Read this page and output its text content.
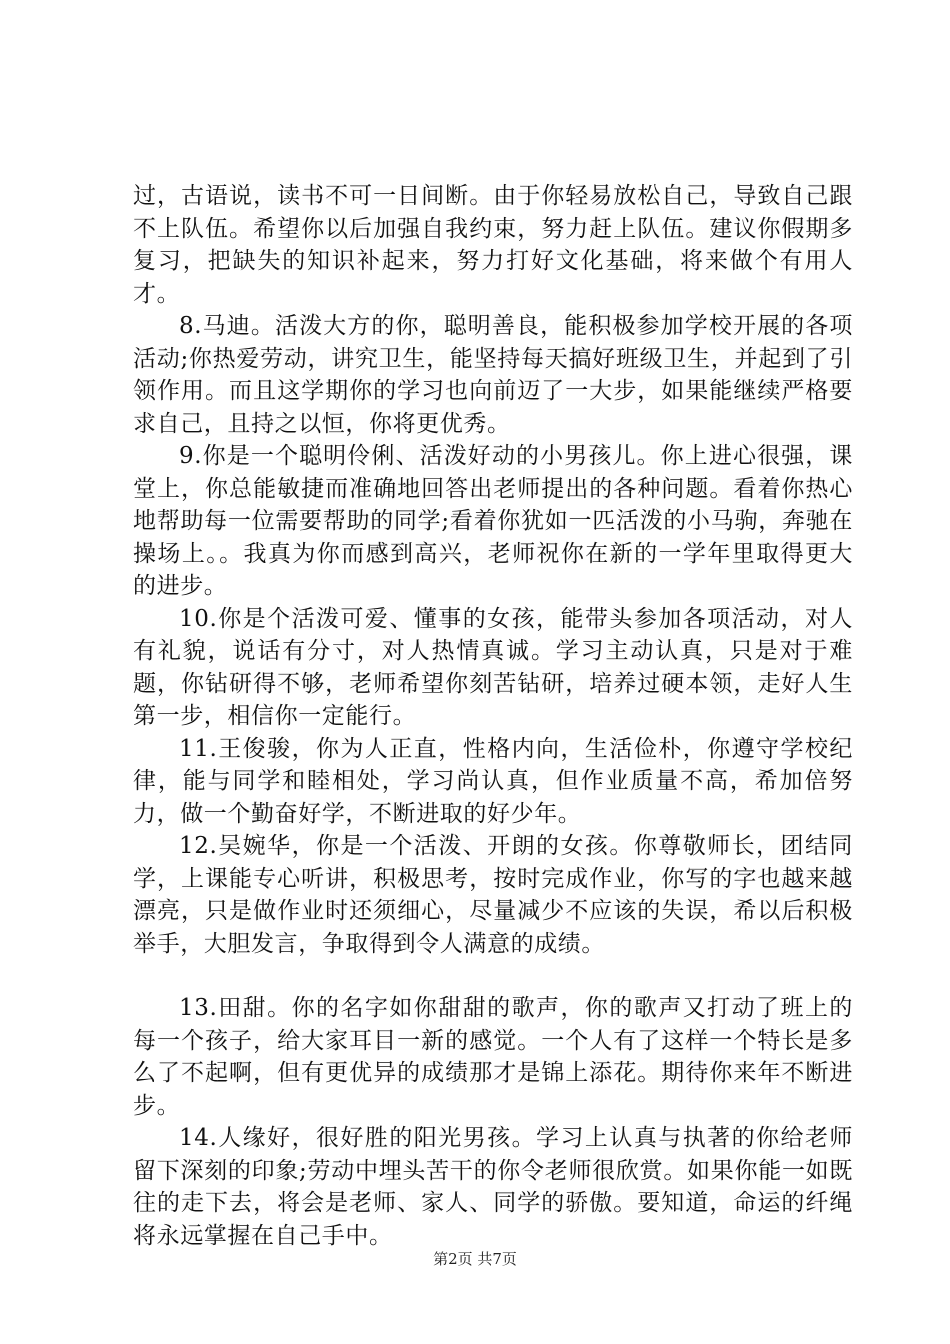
过，古语说，读书不可一日间断。由于你轻易放松自己，导致自己跟不上队伍。希望你以后加强自我约束，努力赶上队伍。建议你假期多复习，把缺失的知识补起来，努力打好文化基础，将来做个有用人才。

8.马迪。活泼大方的你，聪明善良，能积极参加学校开展的各项活动;你热爱劳动，讲究卫生，能坚持每天搞好班级卫生，并起到了引领作用。而且这学期你的学习也向前迈了一大步，如果能继续严格要求自己，且持之以恒，你将更优秀。

9.你是一个聪明伶俐、活泼好动的小男孩儿。你上进心很强，课堂上，你总能敏捷而准确地回答出老师提出的各种问题。看着你热心地帮助每一位需要帮助的同学;看着你犹如一匹活泼的小马驹，奔驰在操场上。。我真为你而感到高兴，老师祝你在新的一学年里取得更大的进步。

10.你是个活泼可爱、懂事的女孩，能带头参加各项活动，对人有礼貌，说话有分寸，对人热情真诚。学习主动认真，只是对于难题，你钻研得不够，老师希望你刻苦钻研，培养过硬本领，走好人生第一步，相信你一定能行。

11.王俊骏，你为人正直，性格内向，生活俭朴，你遵守学校纪律，能与同学和睦相处，学习尚认真，但作业质量不高，希加倍努力，做一个勤奋好学，不断进取的好少年。

12.吴婉华，你是一个活泼、开朗的女孩。你尊敬师长，团结同学，上课能专心听讲，积极思考，按时完成作业，你写的字也越来越漂亮，只是做作业时还须细心，尽量减少不应该的失误，希以后积极举手，大胆发言，争取得到令人满意的成绩。

13.田甜。你的名字如你甜甜的歌声，你的歌声又打动了班上的每一个孩子，给大家耳目一新的感觉。一个人有了这样一个特长是多么了不起啊，但有更优异的成绩那才是锦上添花。期待你来年不断进步。

14.人缘好，很好胜的阳光男孩。学习上认真与执著的你给老师留下深刻的印象;劳动中埋头苦干的你令老师很欣赏。如果你能一如既往的走下去，将会是老师、家人、同学的骄傲。要知道，命运的纤绳将永远掌握在自己手中。

第2页 共7页
